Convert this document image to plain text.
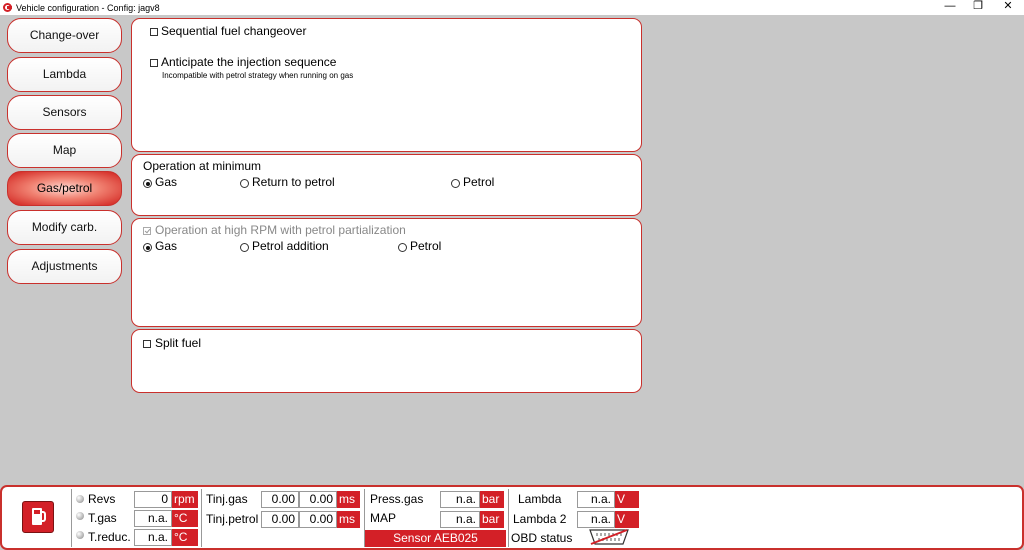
Vehicle configuration - Config: jagv8	—	❐	✕
Change-over
Lambda
Sensors
Map
Gas/petrol
Modify carb.
Adjustments
Sequential fuel changeover
Anticipate the injection sequence
Incompatible with petrol strategy when running on gas
Operation at minimum
Gas	Return to petrol	Petrol
Operation at high RPM with petrol partialization
Gas	Petrol addition	Petrol
Split fuel
Revs	0 rpm
T.gas	n.a. °C
T.reduc.	n.a. °C
Tinj.gas	0.00	0.00 ms
Tinj.petrol	0.00	0.00 ms
Press.gas	n.a. bar
MAP	n.a. bar
Sensor AEB025
Lambda	n.a. V
Lambda 2	n.a. V
OBD status
